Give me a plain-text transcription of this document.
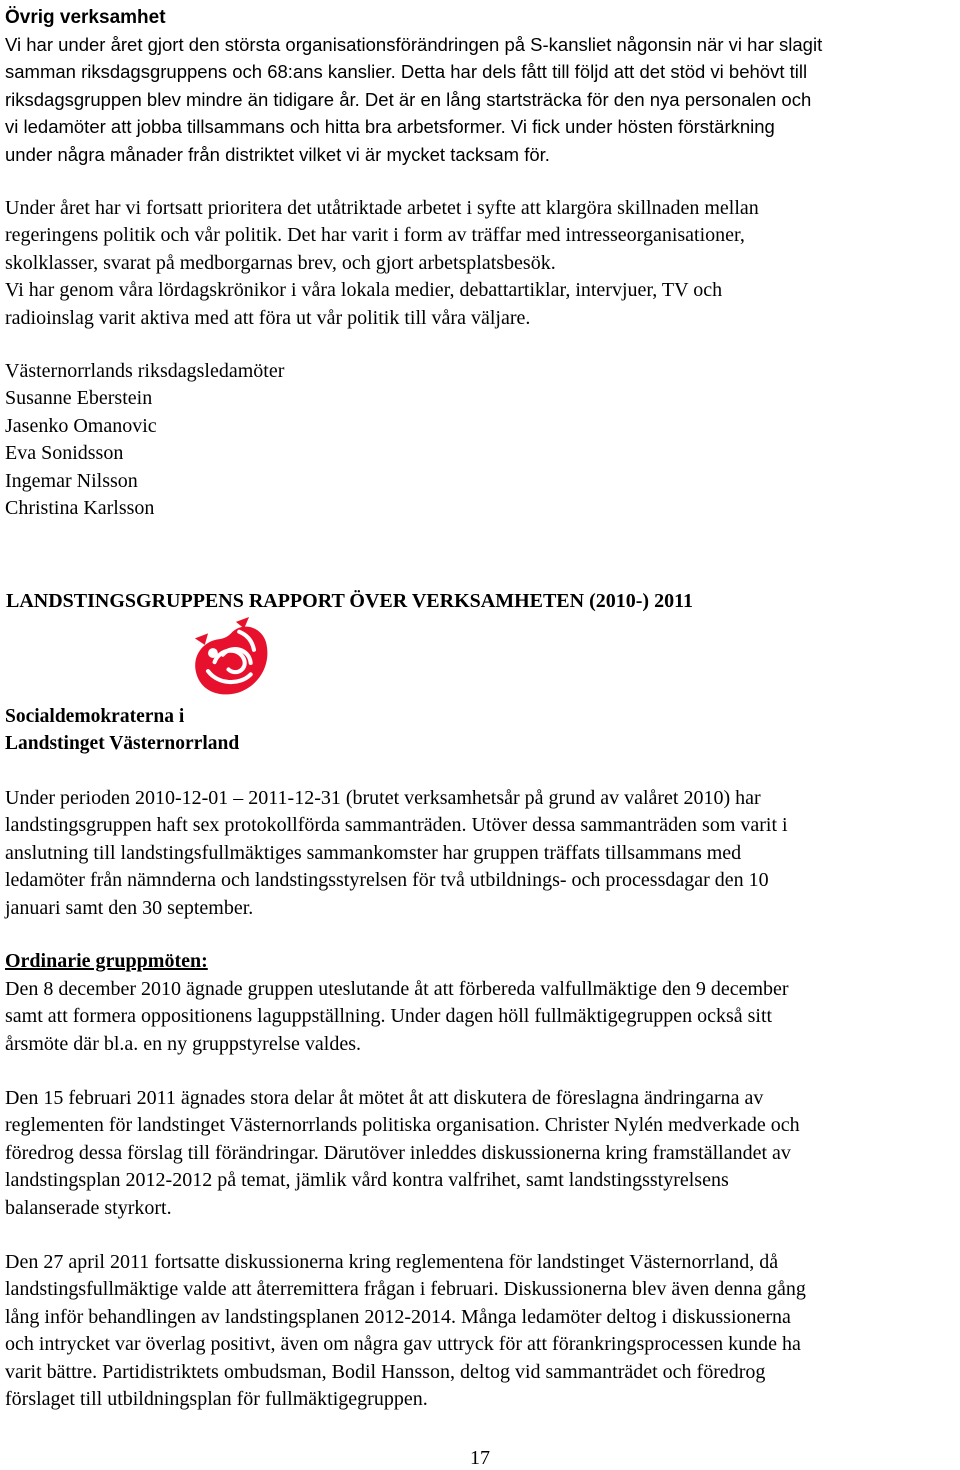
Övrig verksamhet
Vi har under året gjort den största organisationsförändringen på S-kansliet någonsin när vi har slagit
samman riksdagsgruppens och 68:ans kanslier. Detta har dels fått till följd att det stöd vi behövt till
riksdagsgruppen blev mindre än tidigare år. Det är en lång startsträcka för den nya personalen och
vi ledamöter att jobba tillsammans och hitta bra arbetsformer. Vi fick under hösten förstärkning
under några månader från distriktet vilket vi är mycket tacksam för.
Under året har vi fortsatt prioritera det utåtriktade arbetet i syfte att klargöra skillnaden mellan
regeringens politik och vår politik. Det har varit i form av träffar med intresseorganisationer,
skolklasser, svarat på medborgarnas brev, och gjort arbetsplatsbesök.
Vi har genom våra lördagskrönikor i våra lokala medier, debattartiklar, intervjuer, TV och
radioinslag varit aktiva med att föra ut vår politik till våra väljare.
Västernorrlands riksdagsledamöter
Susanne Eberstein
Jasenko Omanovic
Eva Sonidsson
Ingemar Nilsson
Christina Karlsson
LANDSTINGSGRUPPENS RAPPORT ÖVER VERKSAMHETEN (2010-) 2011
Socialdemokraterna i
Landstinget Västernorrland
Under perioden 2010-12-01 – 2011-12-31 (brutet verksamhetsår på grund av valåret 2010) har
landstingsgruppen haft sex protokollförda sammanträden. Utöver dessa sammanträden som varit i
anslutning till landstingsfullmäktiges sammankomster har gruppen träffats tillsammans med
ledamöter från nämnderna och landstingsstyrelsen för två utbildnings- och processdagar den 10
januari samt den 30 september.
Ordinarie gruppmöten:
Den 8 december 2010 ägnade gruppen uteslutande åt att förbereda valfullmäktige den 9 december
samt att formera oppositionens laguppställning. Under dagen höll fullmäktigegruppen också sitt
årsmöte där bl.a. en ny gruppstyrelse valdes.
Den 15 februari 2011 ägnades stora delar åt mötet åt att diskutera de föreslagna ändringarna av
reglementen för landstinget Västernorrlands politiska organisation. Christer Nylén medverkade och
föredrog dessa förslag till förändringar. Därutöver inleddes diskussionerna kring framställandet av
landstingsplan 2012-2012 på temat, jämlik vård kontra valfrihet, samt landstingsstyrelsens
balanserade styrkort.
Den 27 april 2011 fortsatte diskussionerna kring reglementena för landstinget Västernorrland, då
landstingsfullmäktige valde att återremittera frågan i februari. Diskussionerna blev även denna gång
lång inför behandlingen av landstingsplanen 2012-2014. Många ledamöter deltog i diskussionerna
och intrycket var överlag positivt, även om några gav uttryck för att förankringsprocessen kunde ha
varit bättre. Partidistriktets ombudsman, Bodil Hansson, deltog vid sammanträdet och föredrog
förslaget till utbildningsplan för fullmäktigegruppen.
17
